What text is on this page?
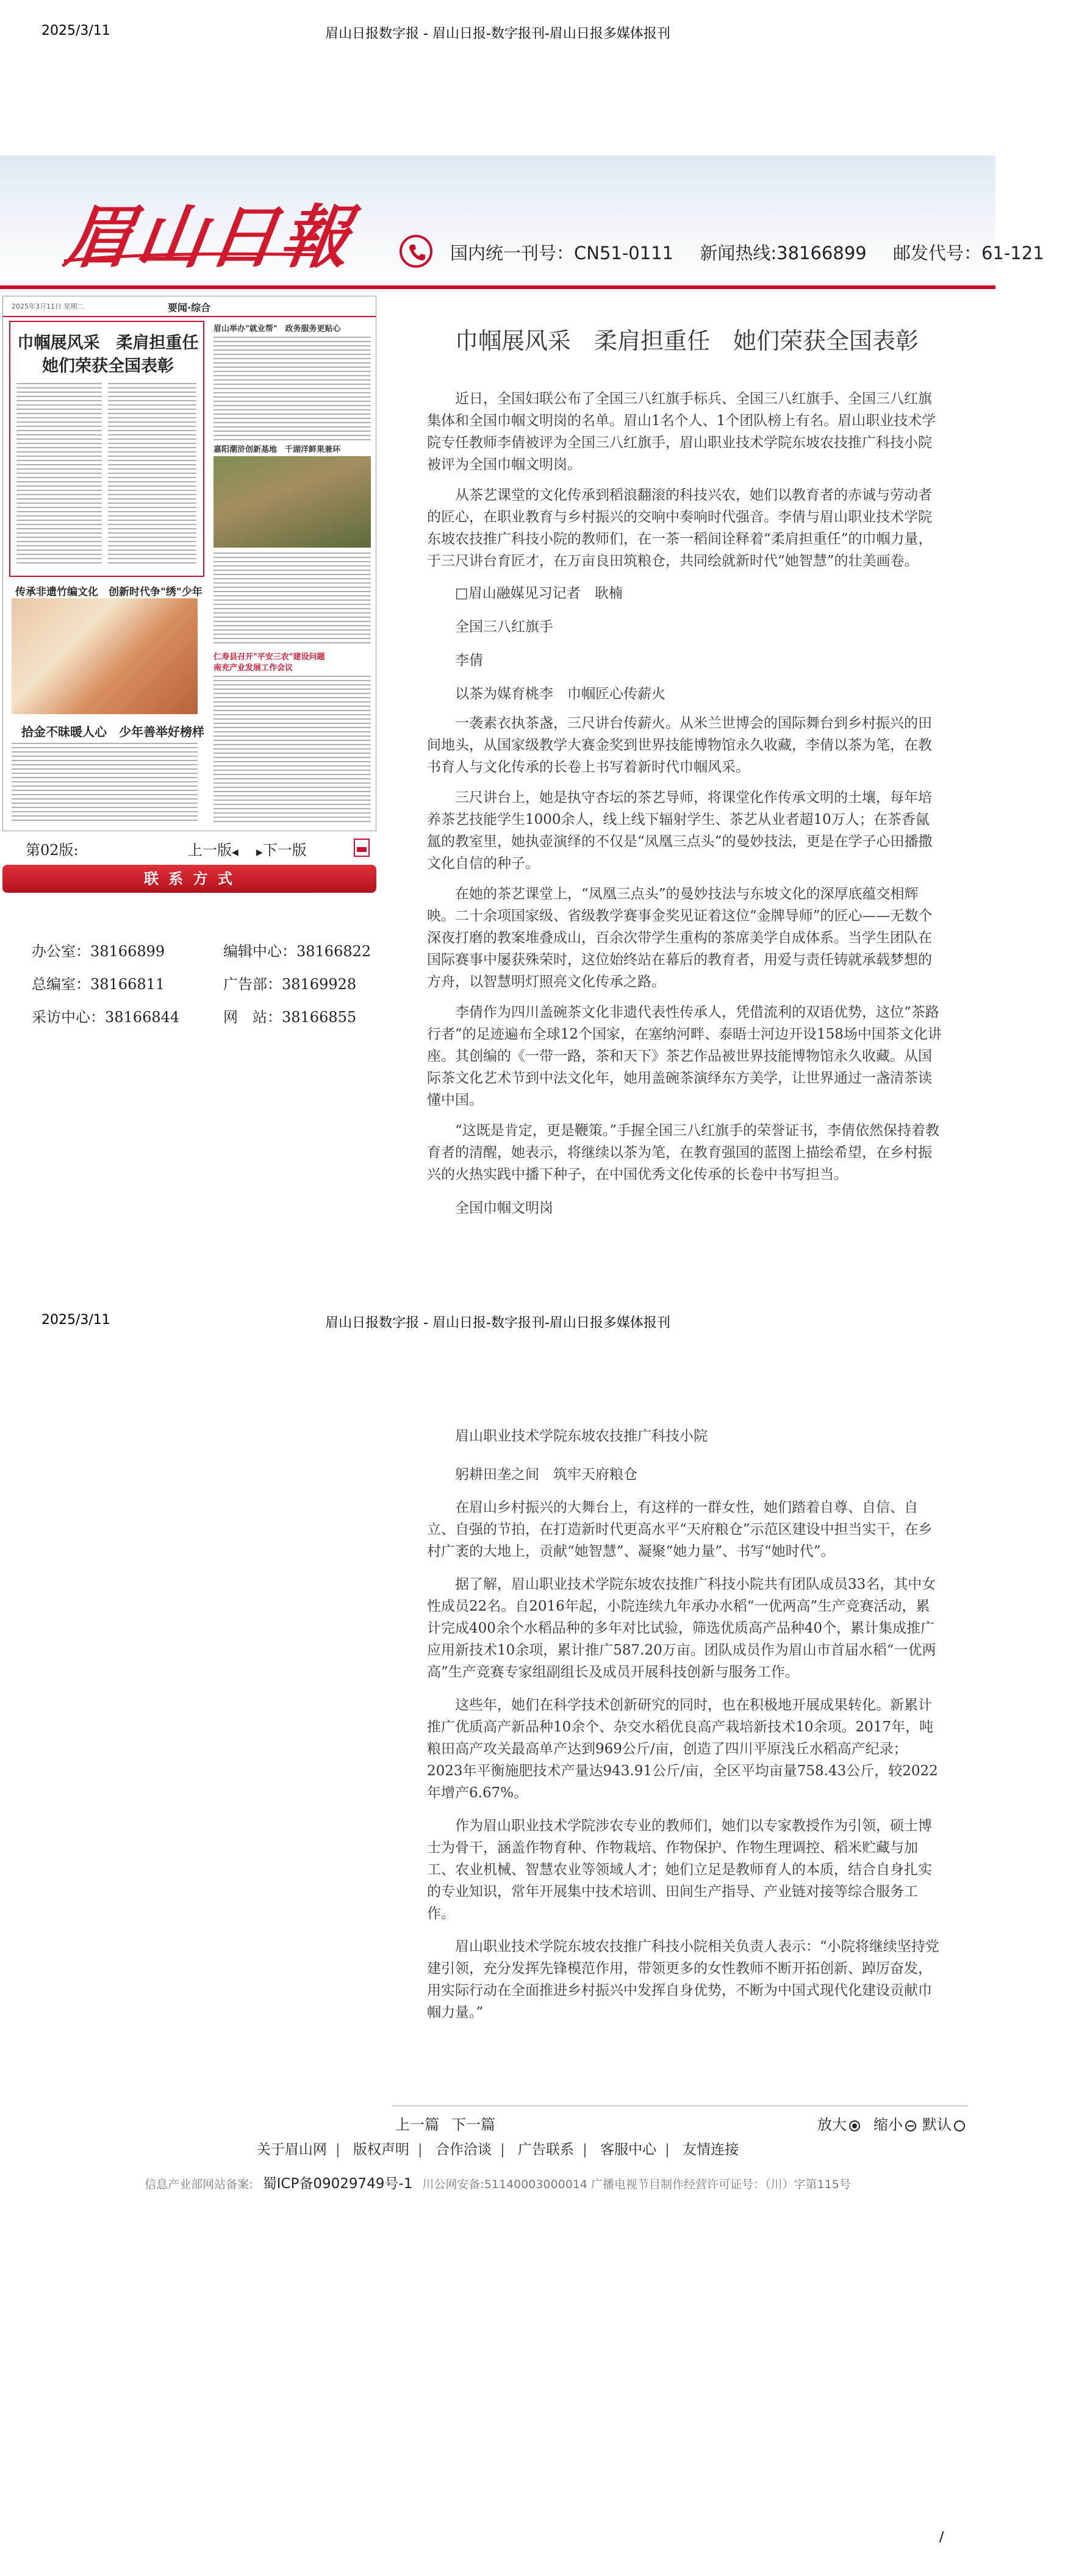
2025/3/11	眉山日报数字报 - 眉山日报-数字报刊-眉山日报多媒体报刊
眉山日報	国内统一刊号：CN51-0111 新闻热线:38166899 邮发代号：61-121
2025年3月11日 星期二	要闻·综合
巾帼展风采　柔肩担重任
她们荣获全国表彰
传承非遗竹编文化　创新时代争"绣"少年
拾金不昧暖人心　少年善举好榜样
眉山举办"就业帮"　政务服务更贴心
嘉阳潮浒创新基地　千湖洋鲜果兼环
仁寿县召开"平安三农"建设问题
南充产业发展工作会议
第02版:	上一版◀ ▶下一版
联 系 方 式
办公室：38166899	编辑中心：38166822
总编室：38166811	广告部：38169928
采访中心：38166844	网　站：38166855
巾帼展风采　柔肩担重任　她们荣获全国表彰

近日，全国妇联公布了全国三八红旗手标兵、全国三八红旗手、全国三八红旗集体和全国巾帼文明岗的名单。眉山1名个人、1个团队榜上有名。眉山职业技术学院专任教师李倩被评为全国三八红旗手，眉山职业技术学院东坡农技推广科技小院被评为全国巾帼文明岗。

从茶艺课堂的文化传承到稻浪翻滚的科技兴农，她们以教育者的赤诚与劳动者的匠心，在职业教育与乡村振兴的交响中奏响时代强音。李倩与眉山职业技术学院东坡农技推广科技小院的教师们，在一茶一稻间诠释着“柔肩担重任”的巾帼力量，于三尺讲台育匠才，在万亩良田筑粮仓，共同绘就新时代“她智慧”的壮美画卷。

□眉山融媒见习记者　耿楠
全国三八红旗手
李倩
以茶为媒育桃李　巾帼匠心传薪火

一袭素衣执茶盏，三尺讲台传薪火。从米兰世博会的国际舞台到乡村振兴的田间地头，从国家级教学大赛金奖到世界技能博物馆永久收藏，李倩以茶为笔，在教书育人与文化传承的长卷上书写着新时代巾帼风采。

三尺讲台上，她是执守杏坛的茶艺导师，将课堂化作传承文明的土壤，每年培养茶艺技能学生1000余人，线上线下辐射学生、茶艺从业者超10万人；在茶香氤氲的教室里，她执壶演绎的不仅是“凤凰三点头”的曼妙技法，更是在学子心田播撒文化自信的种子。

在她的茶艺课堂上，“凤凰三点头”的曼妙技法与东坡文化的深厚底蕴交相辉映。二十余项国家级、省级教学赛事金奖见证着这位“金牌导师”的匠心——无数个深夜打磨的教案堆叠成山，百余次带学生重构的茶席美学自成体系。当学生团队在国际赛事中屡获殊荣时，这位始终站在幕后的教育者，用爱与责任铸就承载梦想的方舟，以智慧明灯照亮文化传承之路。

李倩作为四川盖碗茶文化非遗代表性传承人，凭借流利的双语优势，这位“茶路行者”的足迹遍布全球12个国家，在塞纳河畔、泰晤士河边开设158场中国茶文化讲座。其创编的《一带一路，茶和天下》茶艺作品被世界技能博物馆永久收藏。从国际茶文化艺术节到中法文化年，她用盖碗茶演绎东方美学，让世界通过一盏清茶读懂中国。

“这既是肯定，更是鞭策。”手握全国三八红旗手的荣誉证书，李倩依然保持着教育者的清醒，她表示，将继续以茶为笔，在教育强国的蓝图上描绘希望，在乡村振兴的火热实践中播下种子，在中国优秀文化传承的长卷中书写担当。

全国巾帼文明岗
2025/3/11	眉山日报数字报 - 眉山日报-数字报刊-眉山日报多媒体报刊
眉山职业技术学院东坡农技推广科技小院
躬耕田垄之间　筑牢天府粮仓

在眉山乡村振兴的大舞台上，有这样的一群女性，她们踏着自尊、自信、自立、自强的节拍，在打造新时代更高水平“天府粮仓”示范区建设中担当实干，在乡村广袤的大地上，贡献“她智慧”、凝聚“她力量”、书写“她时代”。

据了解，眉山职业技术学院东坡农技推广科技小院共有团队成员33名，其中女性成员22名。自2016年起，小院连续九年承办水稻“一优两高”生产竞赛活动，累计完成400余个水稻品种的多年对比试验，筛选优质高产品种40个，累计集成推广应用新技术10余项，累计推广587.20万亩。团队成员作为眉山市首届水稻“一优两高”生产竞赛专家组副组长及成员开展科技创新与服务工作。

这些年，她们在科学技术创新研究的同时，也在积极地开展成果转化。新累计推广优质高产新品种10余个、杂交水稻优良高产栽培新技术10余项。2017年，吨粮田高产攻关最高单产达到969公斤/亩，创造了四川平原浅丘水稻高产纪录；2023年平衡施肥技术产量达943.91公斤/亩，全区平均亩量758.43公斤，较2022年增产6.67%。

作为眉山职业技术学院涉农专业的教师们，她们以专家教授作为引领，硕士博士为骨干，涵盖作物育种、作物栽培、作物保护、作物生理调控、稻米贮藏与加工、农业机械、智慧农业等领域人才；她们立足是教师育人的本质，结合自身扎实的专业知识，常年开展集中技术培训、田间生产指导、产业链对接等综合服务工作。

眉山职业技术学院东坡农技推广科技小院相关负责人表示：“小院将继续坚持党建引领，充分发挥先锋模范作用，带领更多的女性教师不断开拓创新、踔厉奋发，用实际行动在全面推进乡村振兴中发挥自身优势，不断为中国式现代化建设贡献巾帼力量。”

上一篇 下一篇	放大	缩小	默认
关于眉山网 | 版权声明 | 合作洽谈 | 广告联系 | 客服中心 | 友情连接
信息产业部网站备案: 蜀ICP备09029749号-1 川公网安备:51140003000014 广播电视节目制作经营许可证号：（川）字第115号
/
